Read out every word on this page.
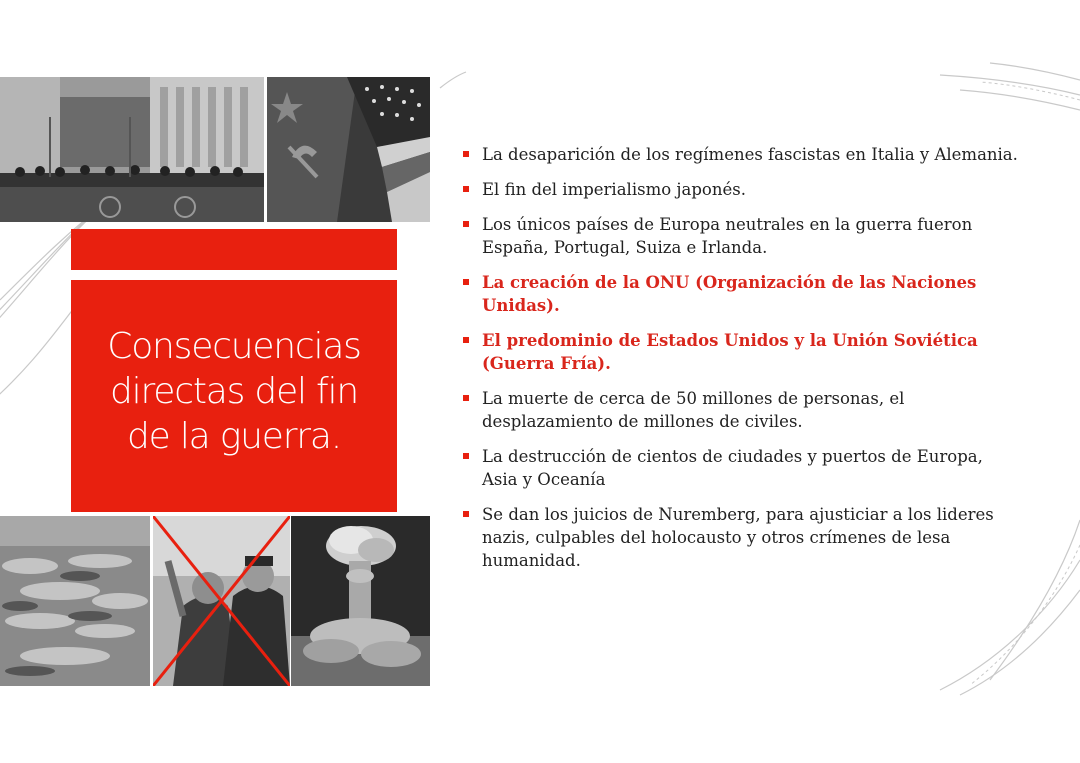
Consecuencias directas del fin de la guerra.
La desaparición de los regímenes fascistas en Italia y Alemania.
El fin del imperialismo japonés.
Los únicos países de Europa neutrales en la guerra fueron España, Portugal, Suiza e Irlanda.
La creación de la ONU (Organización de las Naciones Unidas).
El predominio de Estados Unidos y la Unión Soviética (Guerra Fría).
La muerte de cerca de 50 millones de personas, el desplazamiento de millones de civiles.
La destrucción de cientos de ciudades y puertos de Europa, Asia y Oceanía
Se dan los juicios de Nuremberg, para ajusticiar a los lideres nazis, culpables del holocausto y otros crímenes de lesa humanidad.
